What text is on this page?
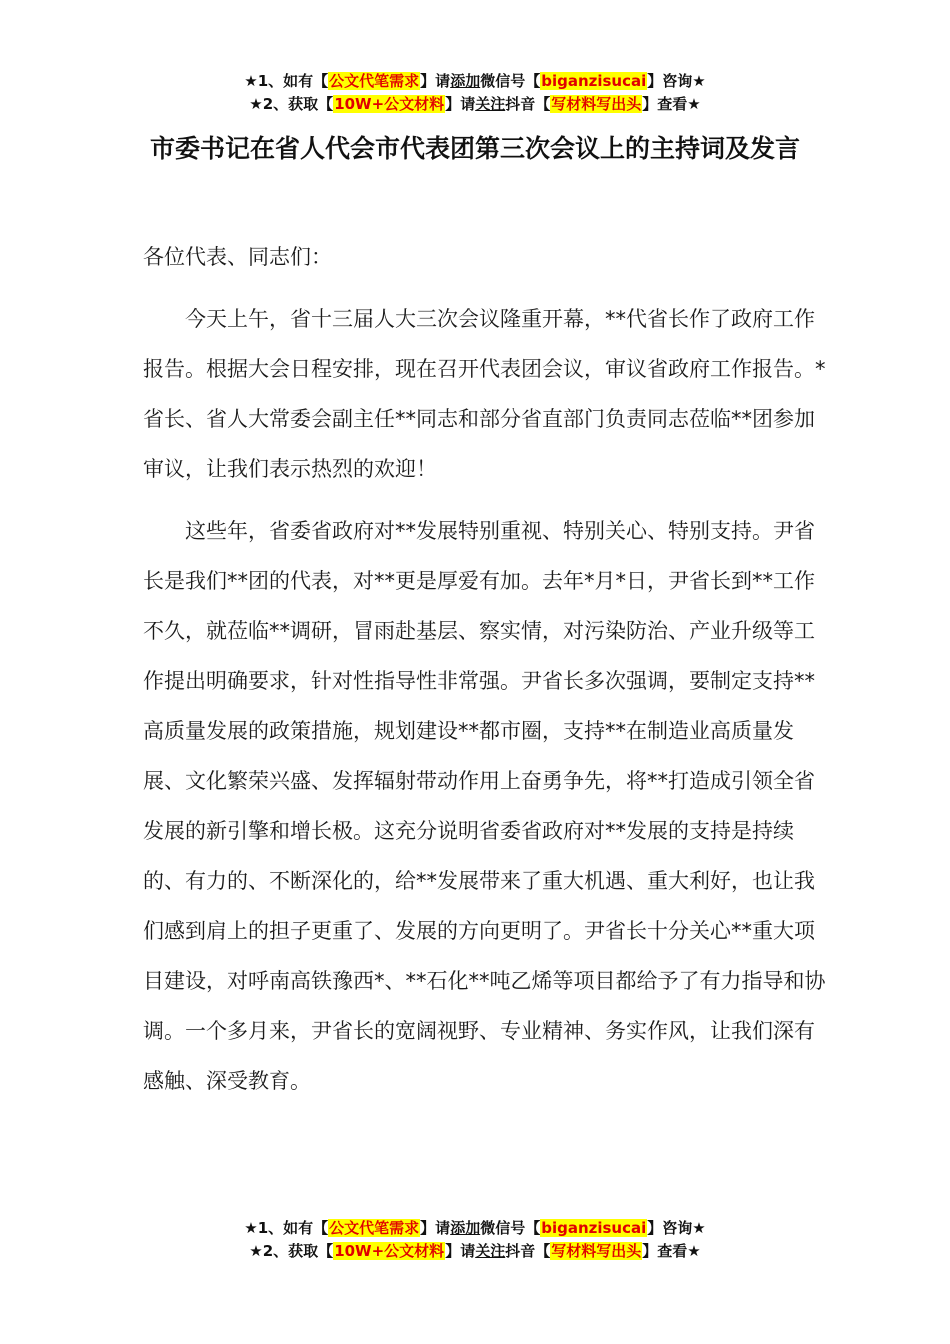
★1、如有【公文代笔需求】请添加微信号【biganzisucai】咨询★
★2、获取【10W+公文材料】请关注抖音【写材料写出头】查看★
市委书记在省人代会市代表团第三次会议上的主持词及发言

各位代表、同志们：

今天上午，省十三届人大三次会议隆重开幕，**代省长作了政府工作报告。根据大会日程安排，现在召开代表团会议，审议省政府工作报告。*省长、省人大常委会副主任**同志和部分省直部门负责同志莅临**团参加审议，让我们表示热烈的欢迎！

这些年，省委省政府对**发展特别重视、特别关心、特别支持。尹省长是我们**团的代表，对**更是厚爱有加。去年*月*日，尹省长到**工作不久，就莅临**调研，冒雨赴基层、察实情，对污染防治、产业升级等工作提出明确要求，针对性指导性非常强。尹省长多次强调，要制定支持**高质量发展的政策措施，规划建设**都市圈，支持**在制造业高质量发展、文化繁荣兴盛、发挥辐射带动作用上奋勇争先，将**打造成引领全省发展的新引擎和增长极。这充分说明省委省政府对**发展的支持是持续的、有力的、不断深化的，给**发展带来了重大机遇、重大利好，也让我们感到肩上的担子更重了、发展的方向更明了。尹省长十分关心**重大项目建设，对呼南高铁豫西*、**石化**吨乙烯等项目都给予了有力指导和协调。一个多月来，尹省长的宽阔视野、专业精神、务实作风，让我们深有感触、深受教育。

★1、如有【公文代笔需求】请添加微信号【biganzisucai】咨询★
★2、获取【10W+公文材料】请关注抖音【写材料写出头】查看★
